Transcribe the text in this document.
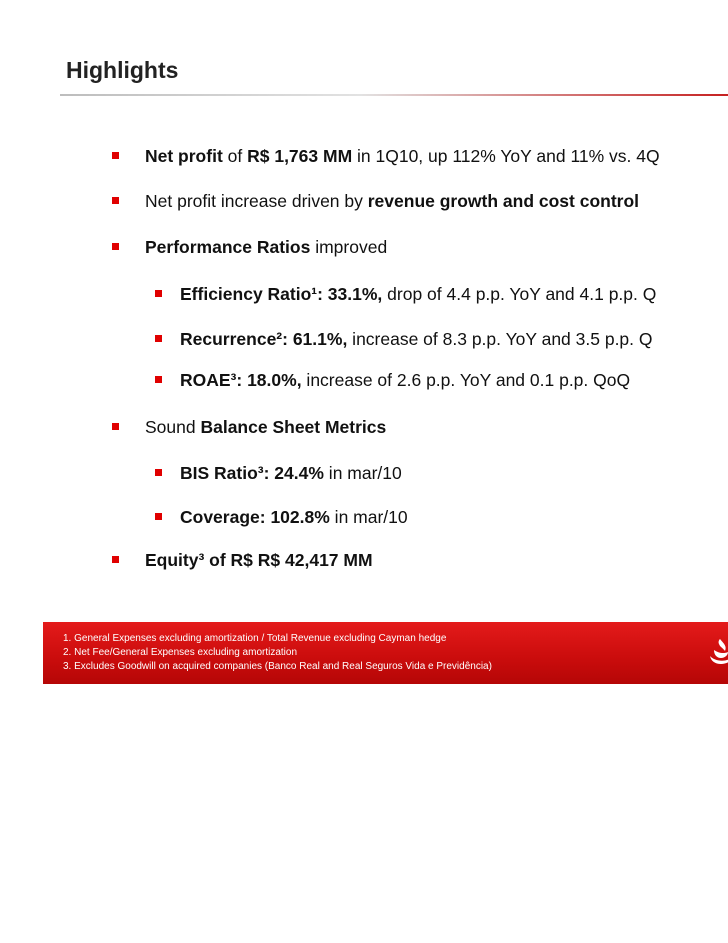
Highlights
Net profit of R$ 1,763 MM in 1Q10, up 112% YoY and 11% vs. 4Q
Net profit increase driven by revenue growth and cost control
Performance Ratios improved
Efficiency Ratio¹: 33.1%, drop of 4.4 p.p. YoY and 4.1 p.p. Q
Recurrence²: 61.1%, increase of 8.3 p.p. YoY and 3.5 p.p. Q
ROAE³: 18.0%, increase of 2.6 p.p. YoY and 0.1 p.p. QoQ
Sound Balance Sheet Metrics
BIS Ratio³: 24.4% in mar/10
Coverage: 102.8% in mar/10
Equity³ of R$ R$ 42,417 MM
1. General Expenses excluding amortization / Total Revenue excluding Cayman hedge
2. Net Fee/General Expenses excluding amortization
3. Excludes Goodwill on acquired companies (Banco Real and Real Seguros Vida e Previdência)
